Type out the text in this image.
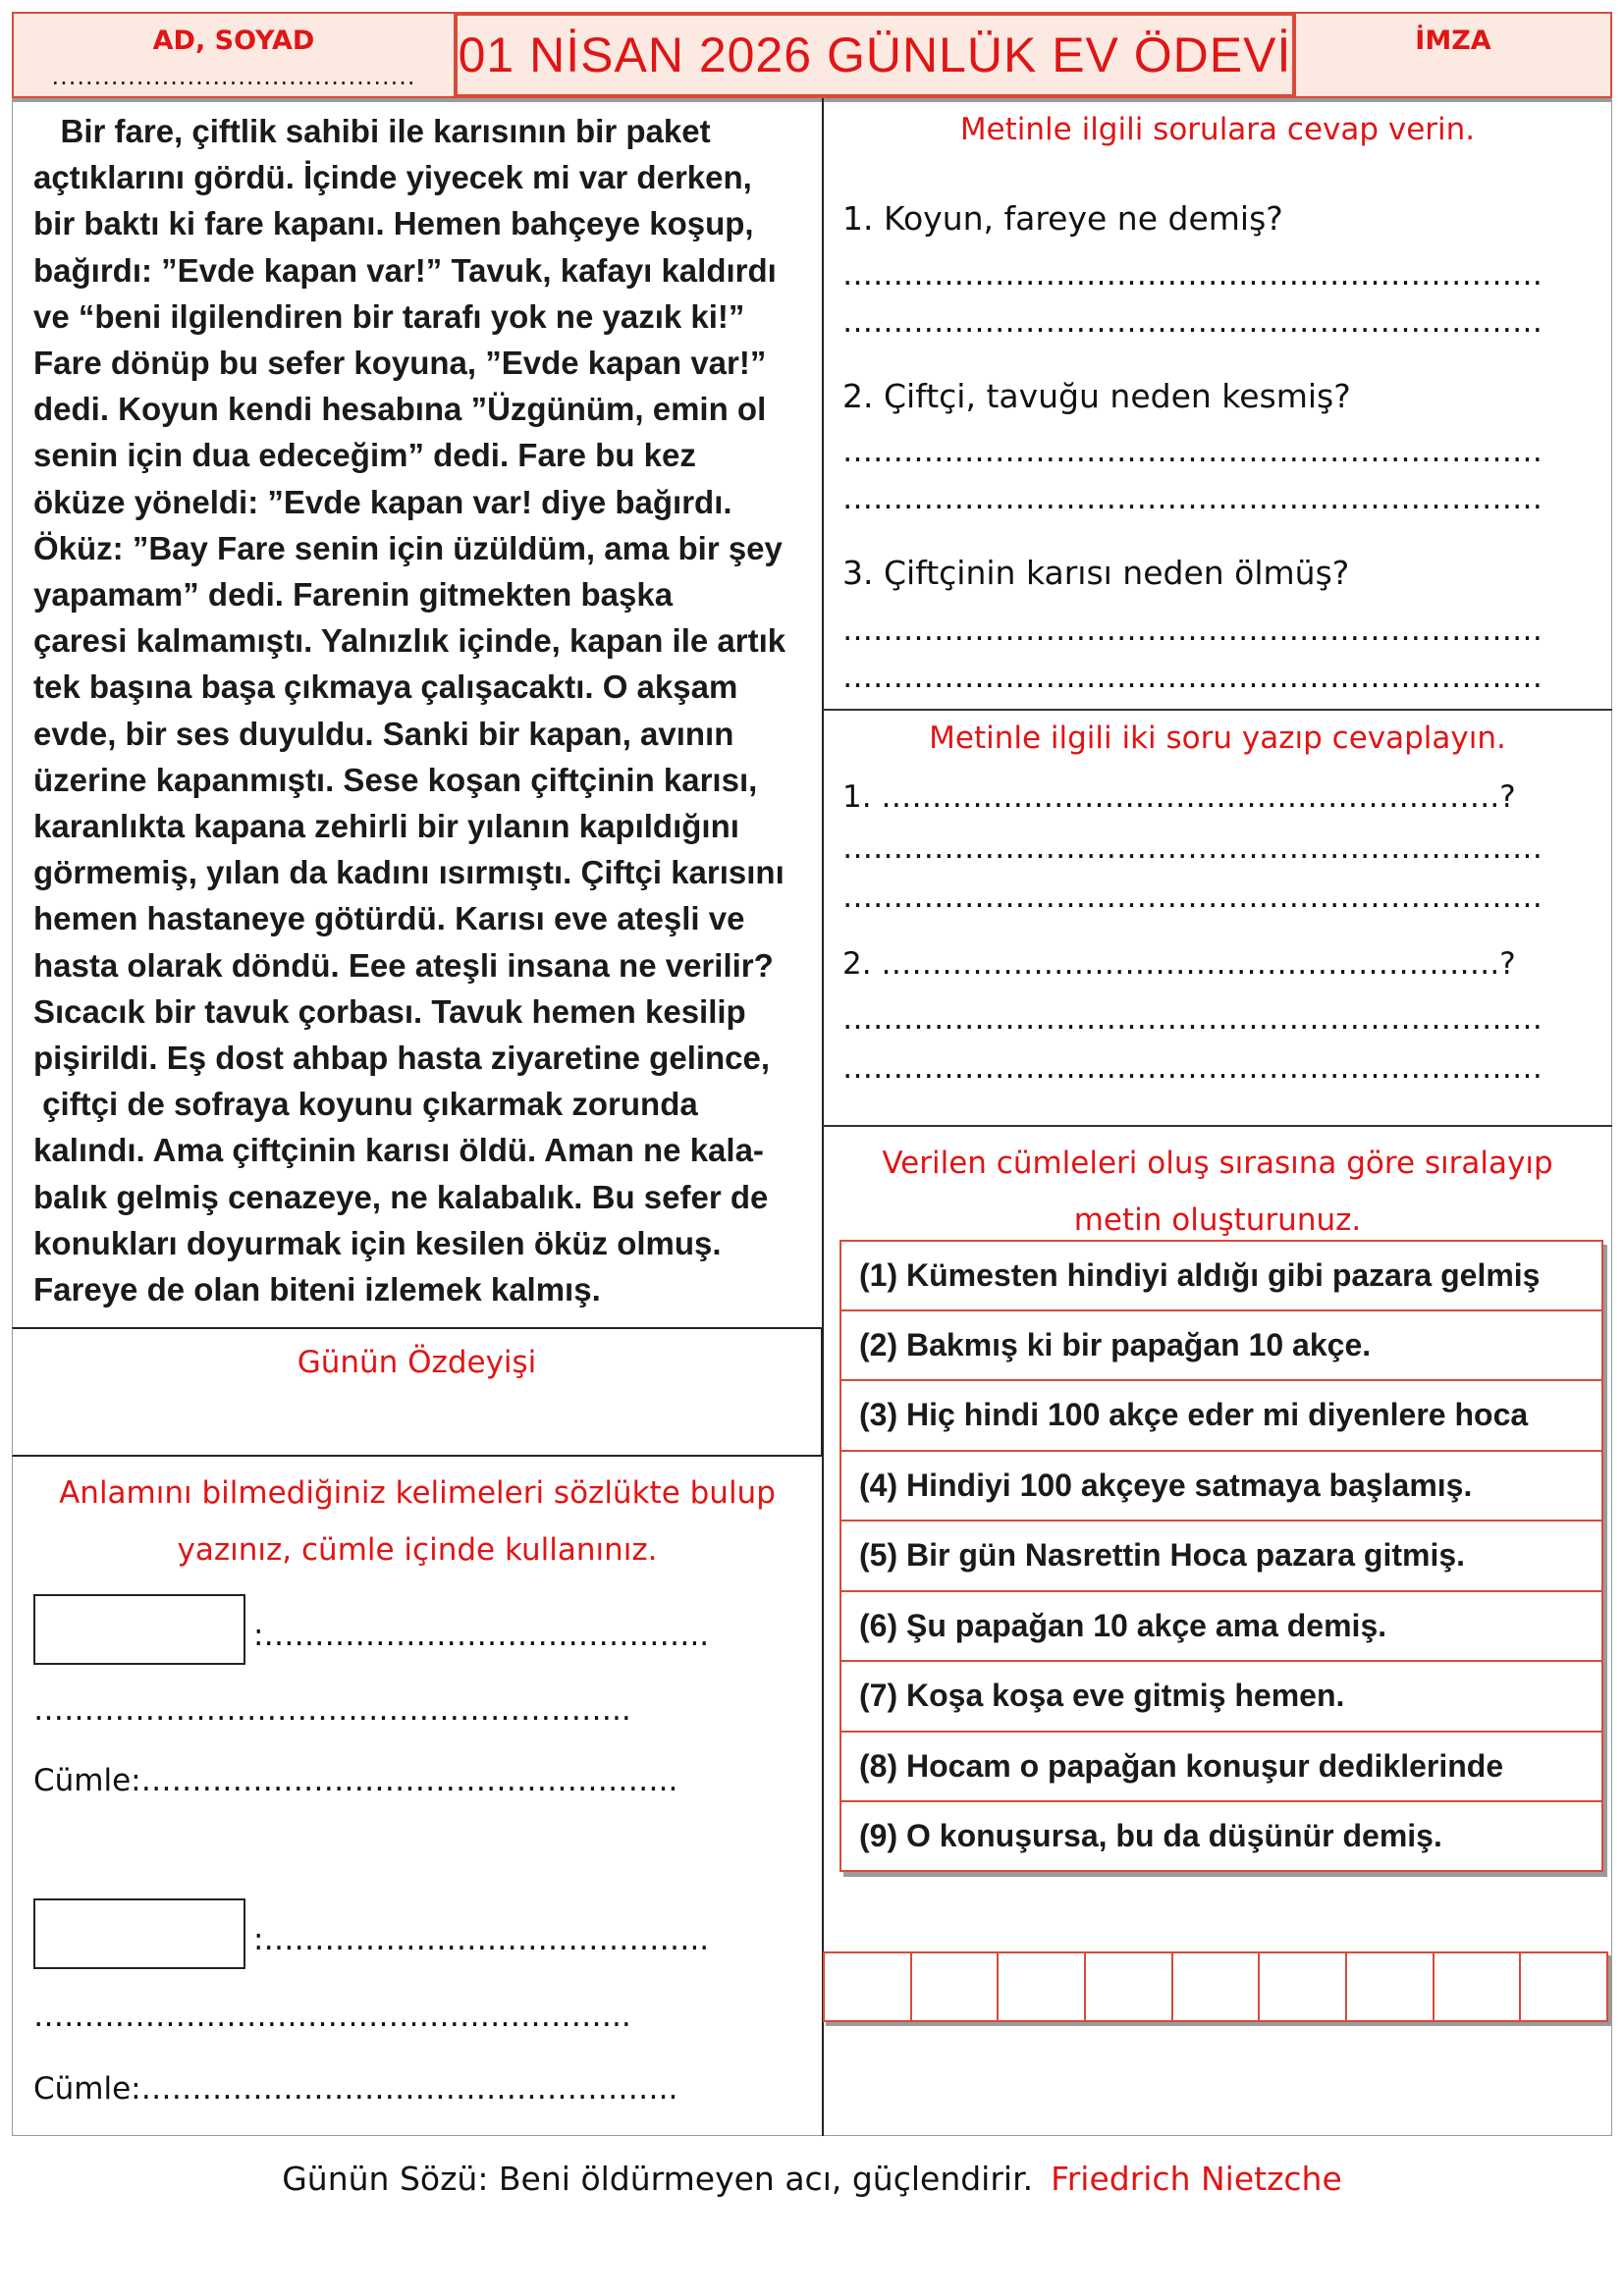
AD, SOYAD
........................................... 01 NİSAN 2026 GÜNLÜK EV ÖDEVİ	İMZA
Bir fare, çiftlik sahibi ile karısının bir paket
açtıklarını gördü. İçinde yiyecek mi var derken,
bir baktı ki fare kapanı. Hemen bahçeye koşup,
bağırdı: ”Evde kapan var!” Tavuk, kafayı kaldırdı
ve “beni ilgilendiren bir tarafı yok ne yazık ki!”
Fare dönüp bu sefer koyuna, ”Evde kapan var!”
dedi. Koyun kendi hesabına ”Üzgünüm, emin ol
senin için dua edeceğim” dedi. Fare bu kez
öküze yöneldi: ”Evde kapan var! diye bağırdı.
Öküz: ”Bay Fare senin için üzüldüm, ama bir şey
yapamam” dedi. Farenin gitmekten başka
çaresi kalmamıştı. Yalnızlık içinde, kapan ile artık
tek başına başa çıkmaya çalışacaktı. O akşam
evde, bir ses duyuldu. Sanki bir kapan, avının
üzerine kapanmıştı. Sese koşan çiftçinin karısı,
karanlıkta kapana zehirli bir yılanın kapıldığını
görmemiş, yılan da kadını ısırmıştı. Çiftçi karısını
hemen hastaneye götürdü. Karısı eve ateşli ve
hasta olarak döndü. Eee ateşli insana ne verilir?
Sıcacık bir tavuk çorbası. Tavuk hemen kesilip
pişirildi. Eş dost ahbap hasta ziyaretine gelince,
çiftçi de sofraya koyunu çıkarmak zorunda
kalındı. Ama çiftçinin karısı öldü. Aman ne kala-
balık gelmiş cenazeye, ne kalabalık. Bu sefer de
konukları doyurmak için kesilen öküz olmuş.
Fareye de olan biteni izlemek kalmış.
Günün Özdeyişi
Anlamını bilmediğiniz kelimeleri sözlükte bulup
yazınız, cümle içinde kullanınız.
:……………………………………..
…………………………………………………..
Cümle:……………………………………………..
:……………………………………..
…………………………………………………..
Cümle:……………………………………………..
Metinle ilgili sorulara cevap verin.
1. Koyun, fareye ne demiş?
……………………………………………………………
……………………………………………………………
2. Çiftçi, tavuğu neden kesmiş?
……………………………………………………………
……………………………………………………………
3. Çiftçinin karısı neden ölmüş?
……………………………………………………………
……………………………………………………………
Metinle ilgili iki soru yazıp cevaplayın.
1. …………………………………………………….?
……………………………………………………………
……………………………………………………………
2. …………………………………………………….?
……………………………………………………………
……………………………………………………………
Verilen cümleleri oluş sırasına göre sıralayıp
metin oluşturunuz.
(1) Kümesten hindiyi aldığı gibi pazara gelmiş
(2) Bakmış ki bir papağan 10 akçe.
(3) Hiç hindi 100 akçe eder mi diyenlere hoca
(4) Hindiyi 100 akçeye satmaya başlamış.
(5) Bir gün Nasrettin Hoca pazara gitmiş.
(6) Şu papağan 10 akçe ama demiş.
(7) Koşa koşa eve gitmiş hemen.
(8) Hocam o papağan konuşur dediklerinde
(9) O konuşursa, bu da düşünür demiş.
Günün Sözü: Beni öldürmeyen acı, güçlendirir. Friedrich Nietzche
